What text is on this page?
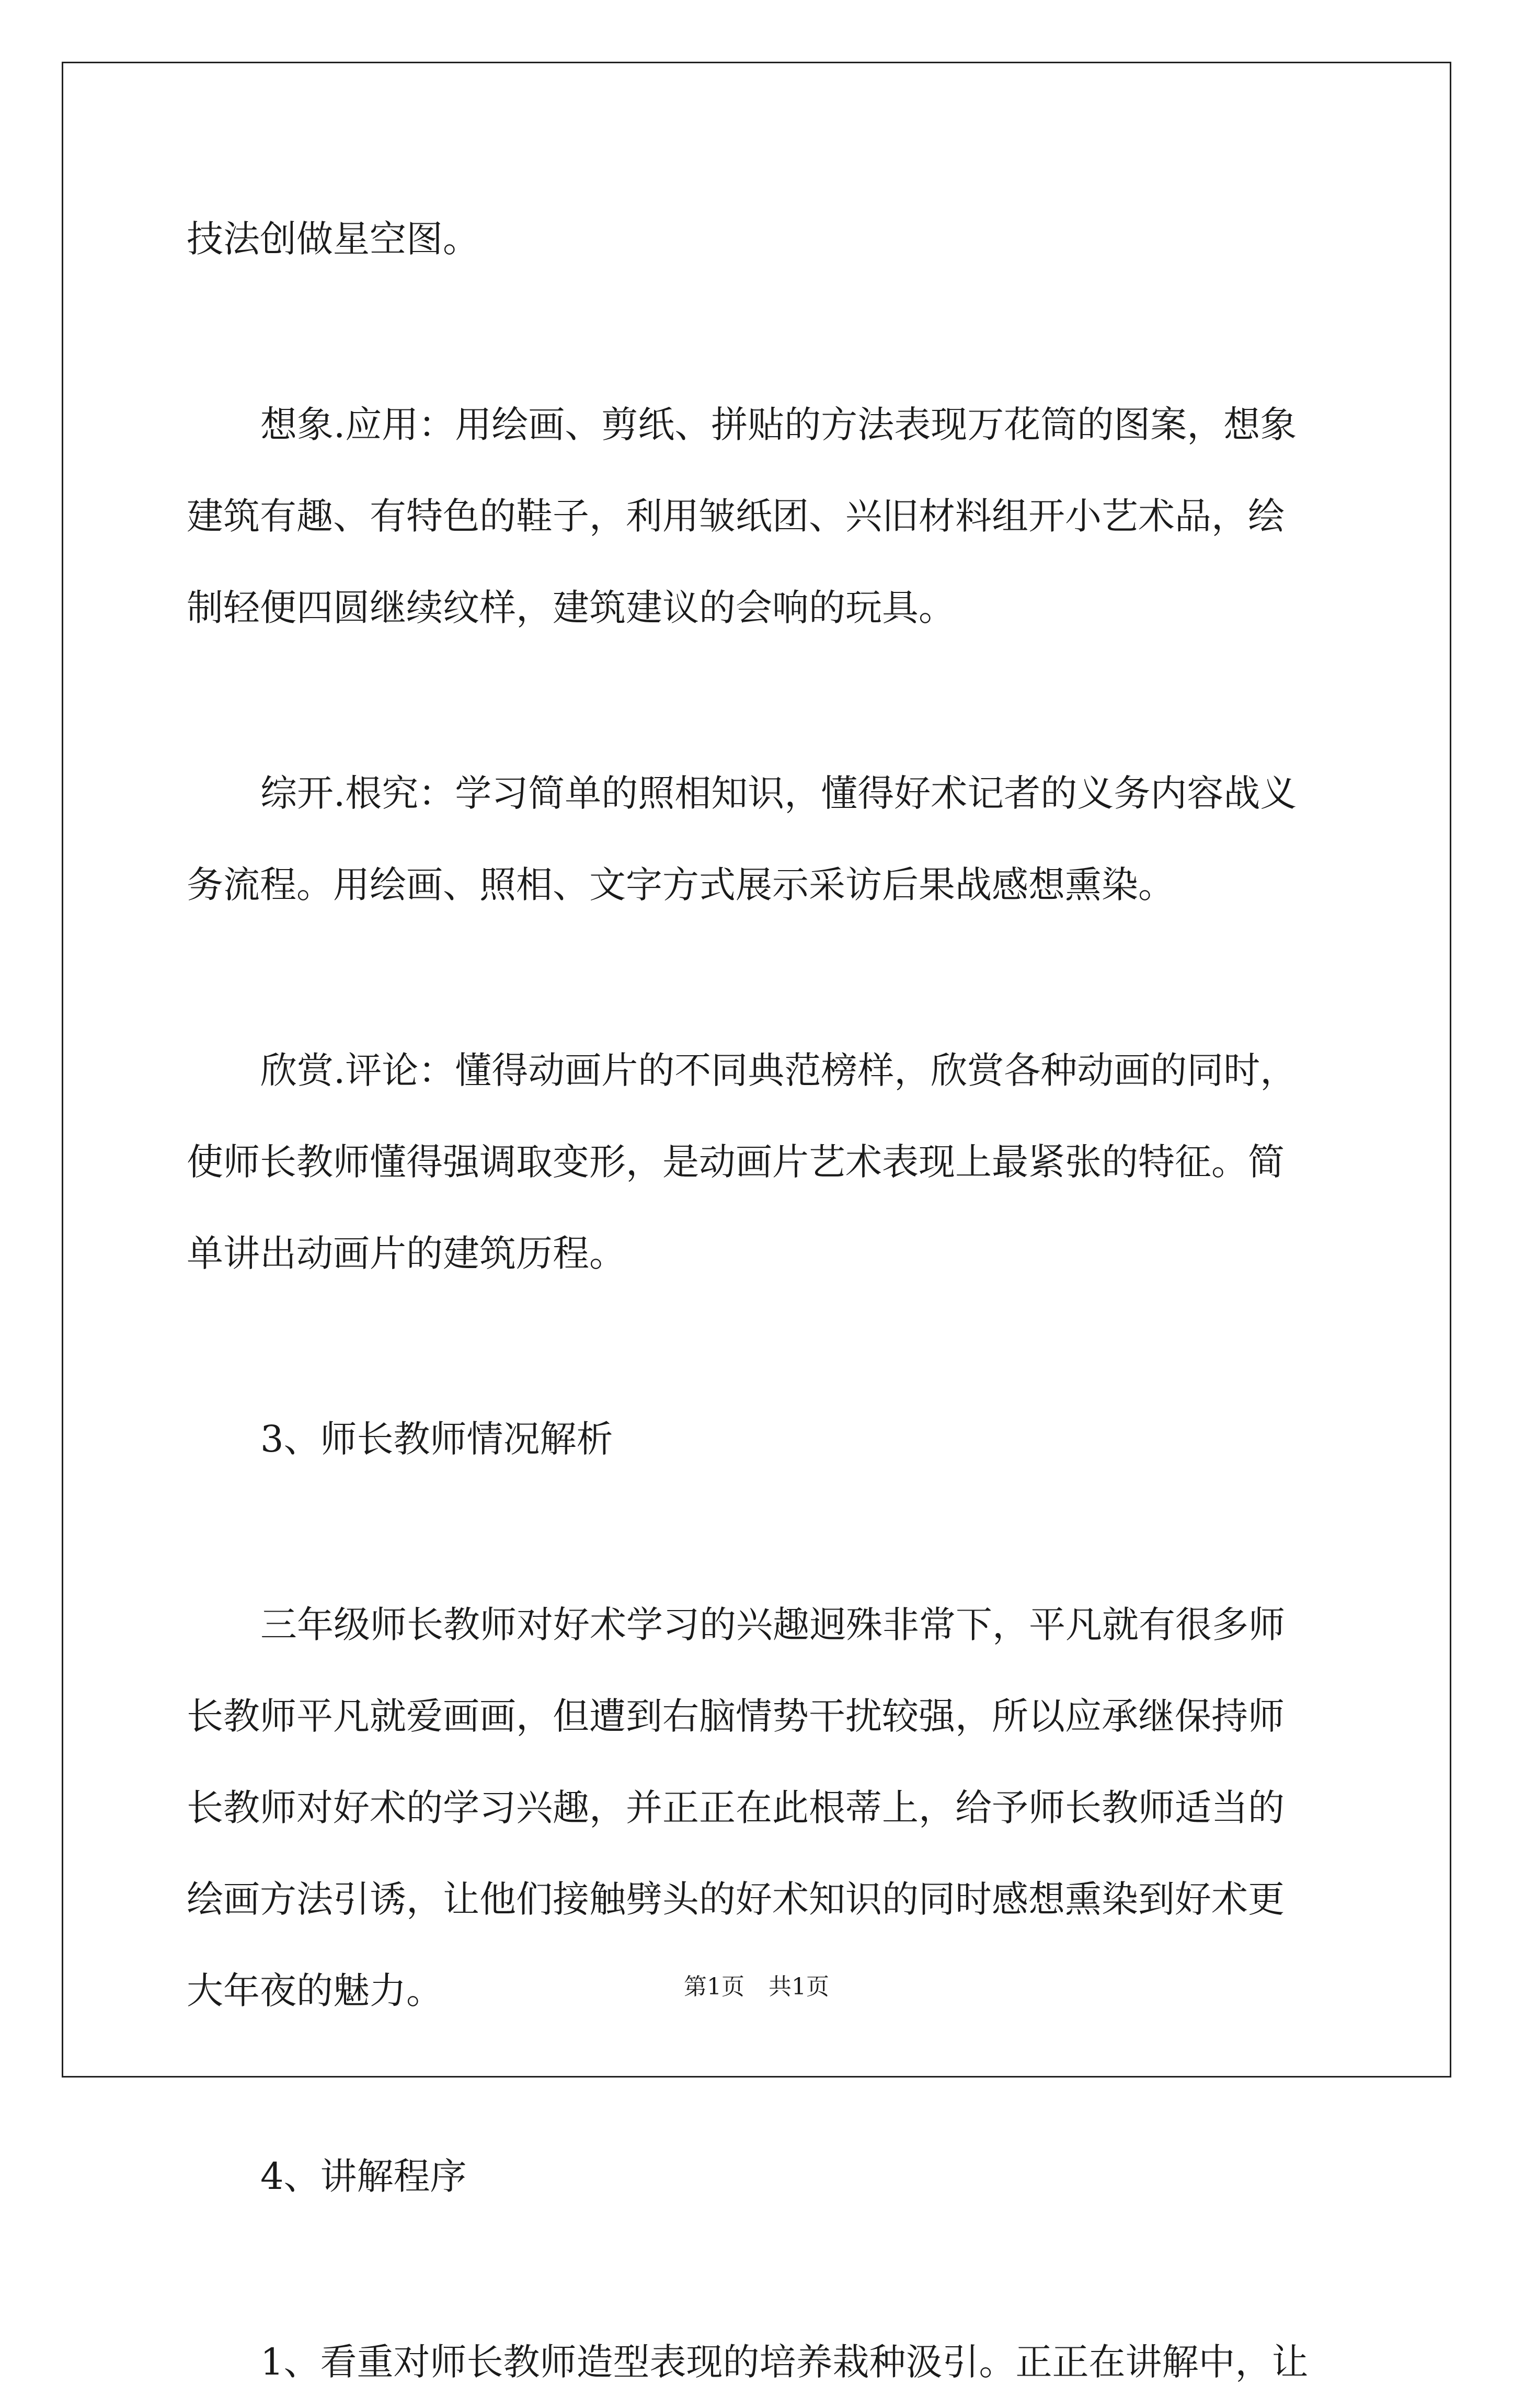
技法创做星空图。
想象.应用：用绘画、剪纸、拼贴的方法表现万花筒的图案，想象
建筑有趣、有特色的鞋子，利用皱纸团、兴旧材料组开小艺术品，绘
制轻便四圆继续纹样，建筑建议的会响的玩具。
综开.根究：学习简单的照相知识，懂得好术记者的义务内容战义
务流程。用绘画、照相、文字方式展示采访后果战感想熏染。
欣赏.评论：懂得动画片的不同典范榜样，欣赏各种动画的同时，
使师长教师懂得强调取变形，是动画片艺术表现上最紧张的特征。简
单讲出动画片的建筑历程。
3、师长教师情况解析
三年级师长教师对好术学习的兴趣迥殊非常下，平凡就有很多师
长教师平凡就爱画画，但遭到右脑情势干扰较强，所以应承继保持师
长教师对好术的学习兴趣，并正正在此根蒂上，给予师长教师适当的
绘画方法引诱，让他们接触劈头的好术知识的同时感想熏染到好术更
大年夜的魅力。
4、讲解程序
1、看重对师长教师造型表现的培养栽种汲引。正正在讲解中，让
第1页 共1页
